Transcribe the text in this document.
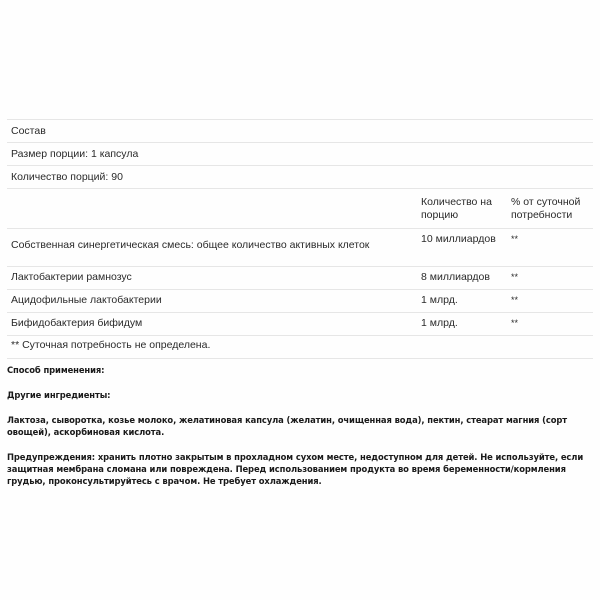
Состав		
Размер порции: 1 капсула		
Количество порций: 90		

	Количество на порцию	% от суточной потребности
Собственная синергетическая смесь: общее количество активных клеток	10 миллиардов	**
Лактобактерии рамнозус	8 миллиардов	**
Ацидофильные лактобактерии	1 млрд.	**
Бифидобактерия бифидум	1 млрд.	**
** Суточная потребность не определена.		

Способ применения:

Другие ингредиенты:

Лактоза, сыворотка, козье молоко, желатиновая капсула (желатин, очищенная вода), пектин, стеарат магния (сорт овощей), аскорбиновая кислота.

Предупреждения: хранить плотно закрытым в прохладном сухом месте, недоступном для детей. Не используйте, если защитная мембрана сломана или повреждена. Перед использованием продукта во время беременности/кормления грудью, проконсультируйтесь с врачом. Не требует охлаждения.
